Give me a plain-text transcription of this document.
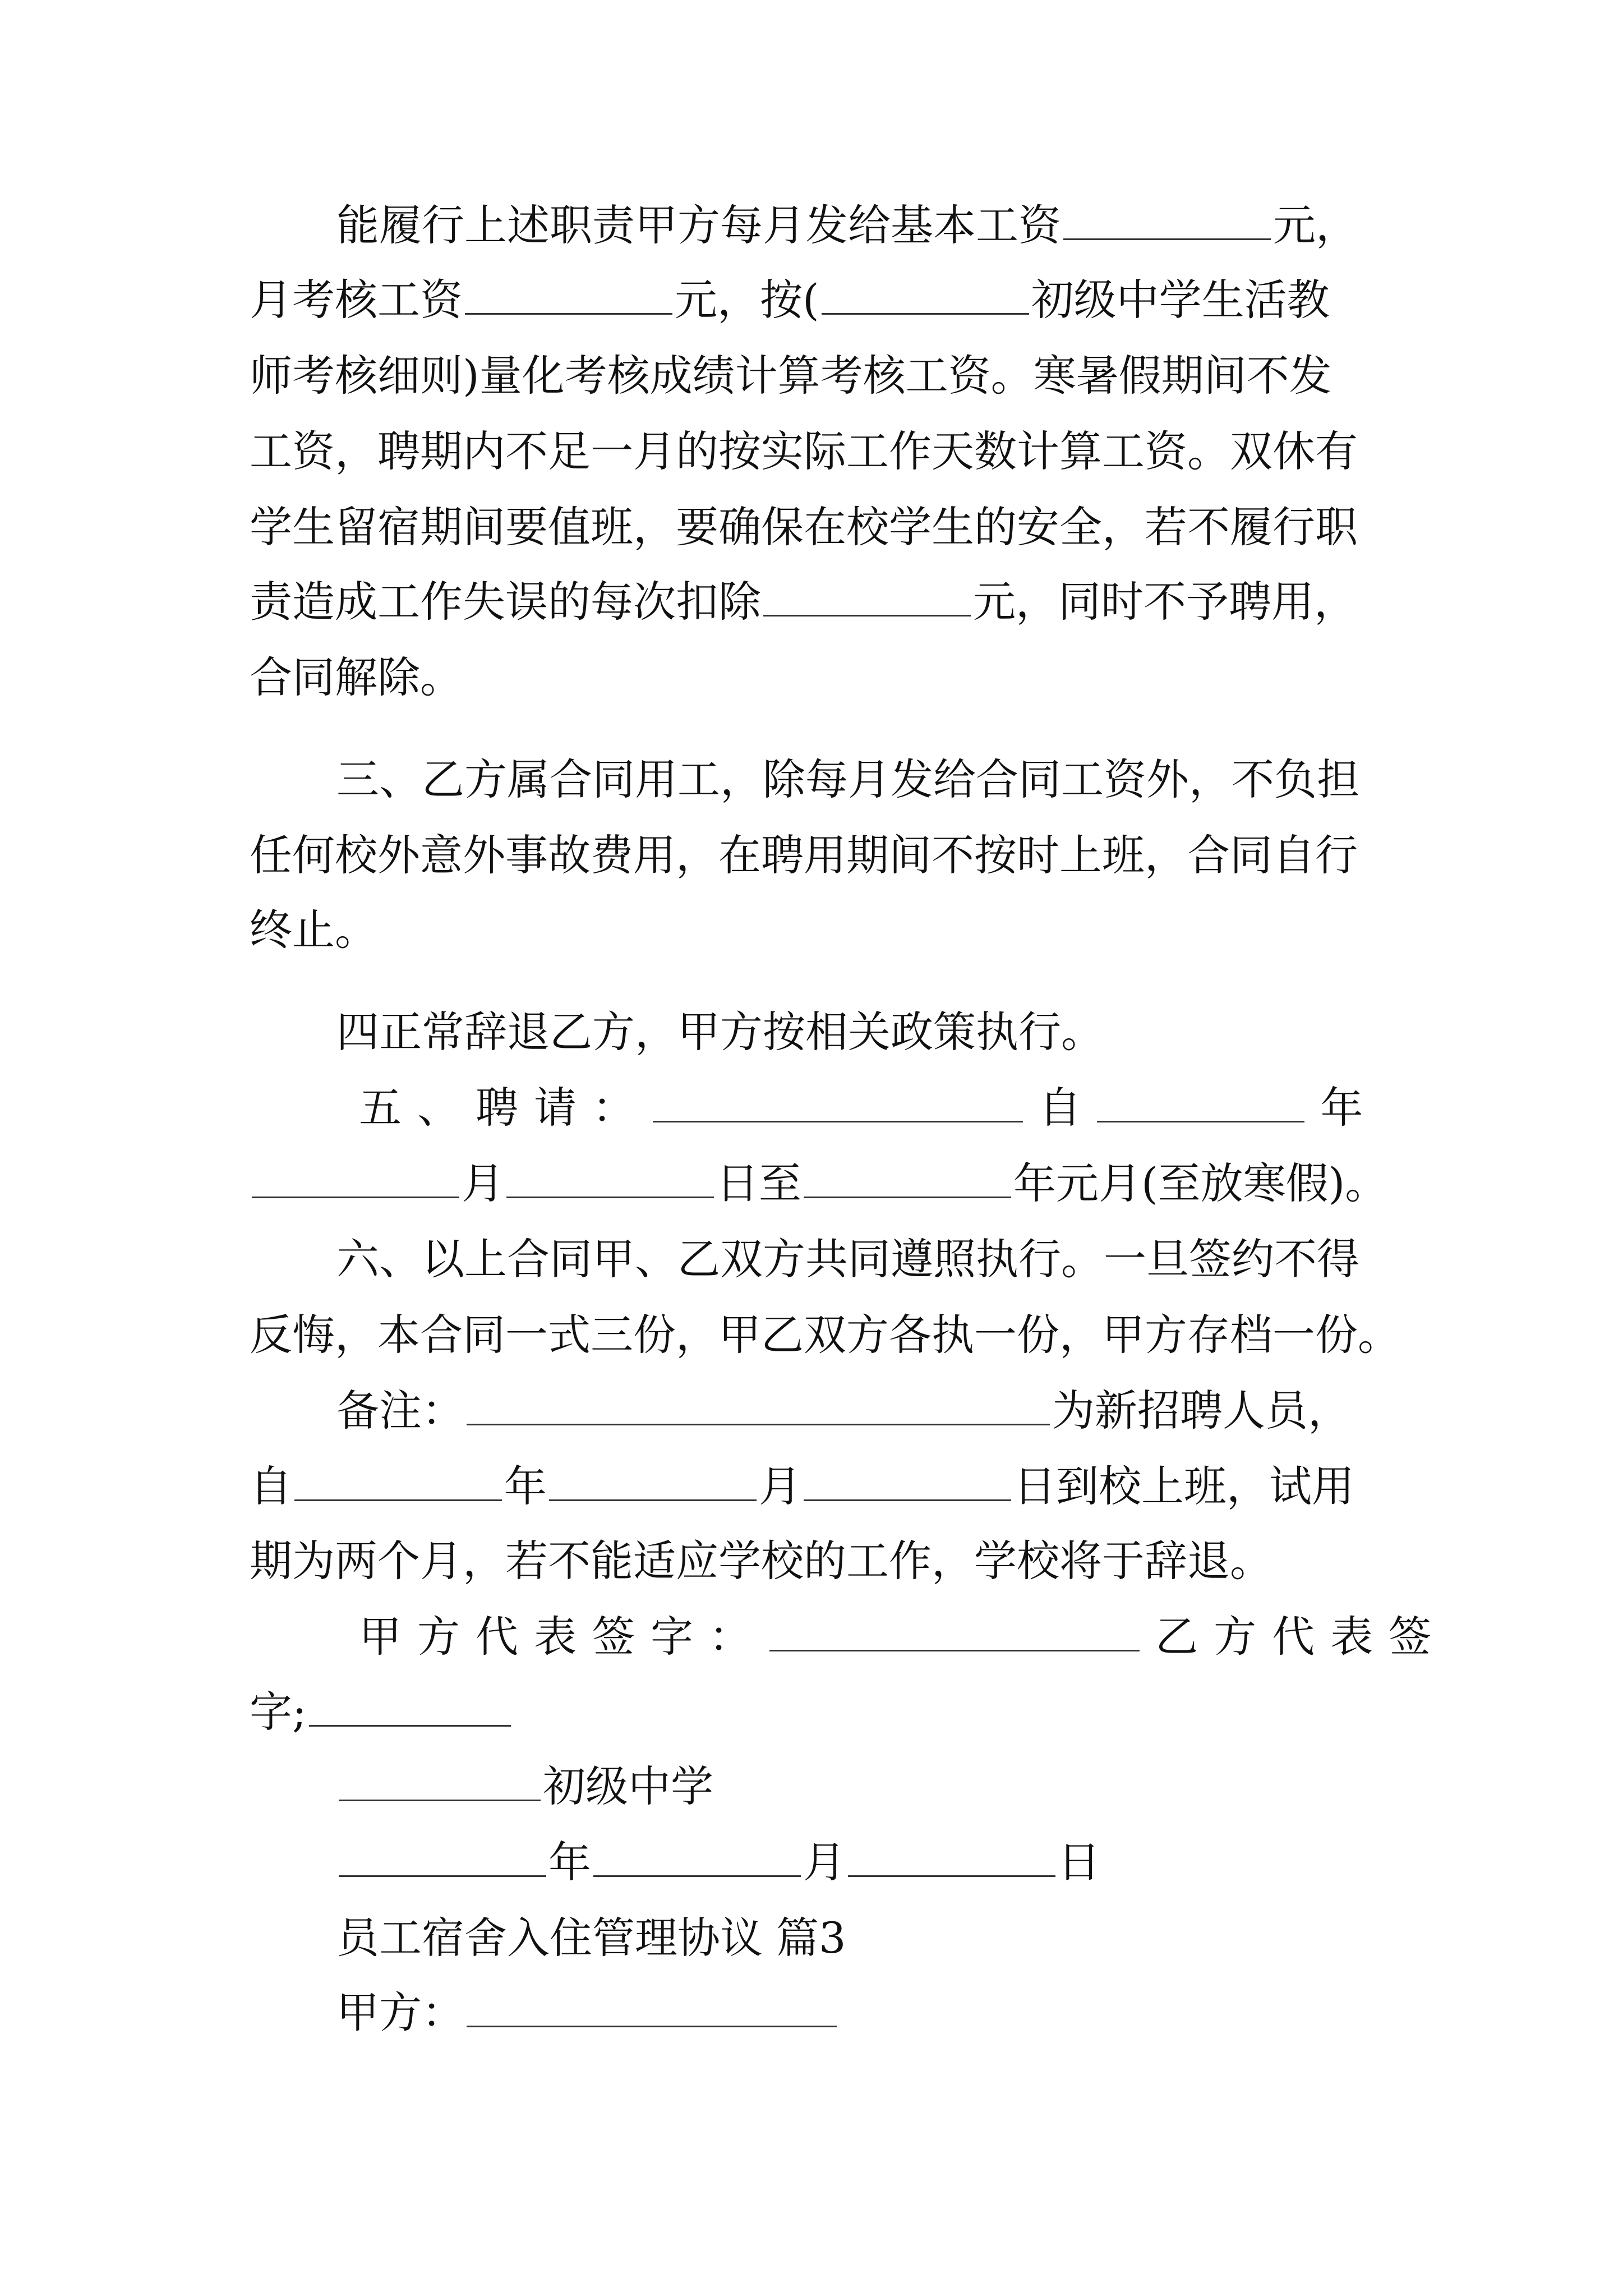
能履行上述职责甲方每月发给基本工资	元，
月考核工资	元，按(	初级中学生活教
师考核细则)量化考核成绩计算考核工资。寒暑假期间不发
工资，聘期内不足一月的按实际工作天数计算工资。双休有
学生留宿期间要值班，要确保在校学生的安全，若不履行职
责造成工作失误的每次扣除	元，同时不予聘用，
合同解除。
三、乙方属合同用工，除每月发给合同工资外，不负担
任何校外意外事故费用，在聘用期间不按时上班，合同自行
终止。
四正常辞退乙方，甲方按相关政策执行。
五、聘请：	自	年
月	日至	年元月(至放寒假)。
六、以上合同甲、乙双方共同遵照执行。一旦签约不得
反悔，本合同一式三份，甲乙双方各执一份，甲方存档一份。
备注：	为新招聘人员，
自	年	月	日到校上班，试用
期为两个月，若不能适应学校的工作，学校将于辞退。
甲方代表签字：	乙方代表签
字;
初级中学
年	月	日
员工宿舍入住管理协议 篇3
甲方：
